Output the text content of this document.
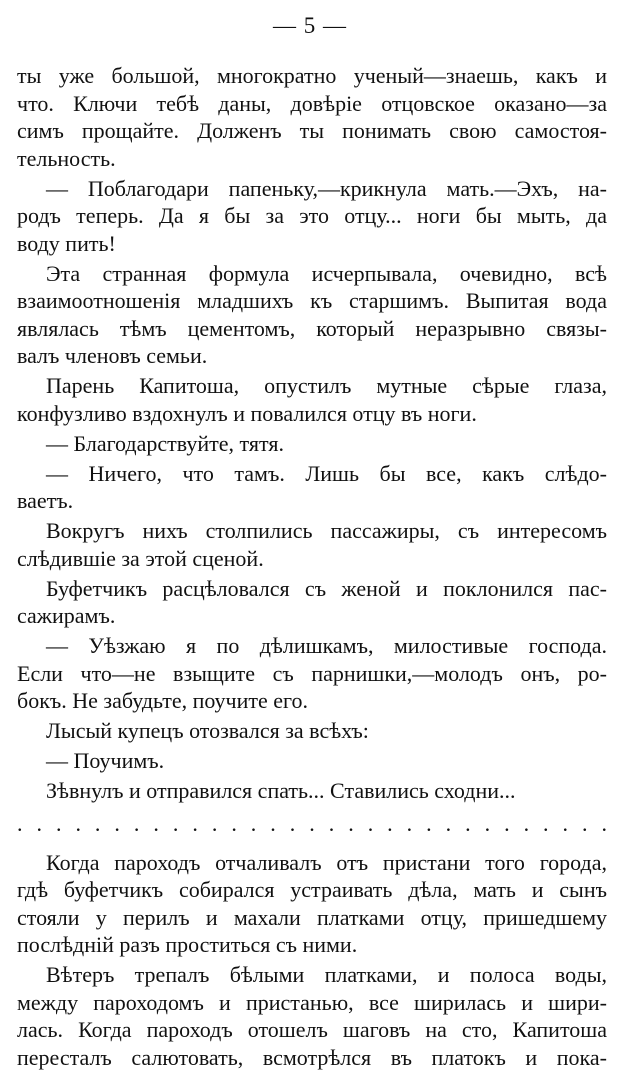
— 5 —
ты уже большой, многократно ученый—знаешь, какъ и
что. Ключи тебѣ даны, довѣріе отцовское оказано—за
симъ прощайте. Долженъ ты понимать свою самостоя-
тельность.
— Поблагодари папеньку,—крикнула мать.—Эхъ, на-
родъ теперь. Да я бы за это отцу... ноги бы мыть, да
воду пить!
Эта странная формула исчерпывала, очевидно, всѣ
взаимоотношенія младшихъ къ старшимъ. Выпитая вода
являлась тѣмъ цементомъ, который неразрывно связы-
валъ членовъ семьи.
Парень Капитоша, опустилъ мутные сѣрые глаза,
конфузливо вздохнулъ и повалился отцу въ ноги.
— Благодарствуйте, тятя.
— Ничего, что тамъ. Лишь бы все, какъ слѣдо-
ваетъ.
Вокругъ нихъ столпились пассажиры, съ интересомъ
слѣдившіе за этой сценой.
Буфетчикъ расцѣловался съ женой и поклонился пас-
сажирамъ.
— Уѣзжаю я по дѣлишкамъ, милостивые господа.
Если что—не взыщите съ парнишки,—молодъ онъ, ро-
бокъ. Не забудьте, поучите его.
Лысый купецъ отозвался за всѣхъ:
— Поучимъ.
Зѣвнулъ и отправился спать... Ставились сходни...
. . . . . . . . . . . . . . . . . . . . . . . . . . . . . . .
Когда пароходъ отчаливалъ отъ пристани того города,
гдѣ буфетчикъ собирался устраивать дѣла, мать и сынъ
стояли у перилъ и махали платками отцу, пришедшему
послѣдній разъ проститься съ ними.
Вѣтеръ трепалъ бѣлыми платками, и полоса воды,
между пароходомъ и пристанью, все ширилась и шири-
лась. Когда пароходъ отошелъ шаговъ на сто, Капитоша
пересталъ салютовать, всмотрѣлся въ платокъ и пока-
